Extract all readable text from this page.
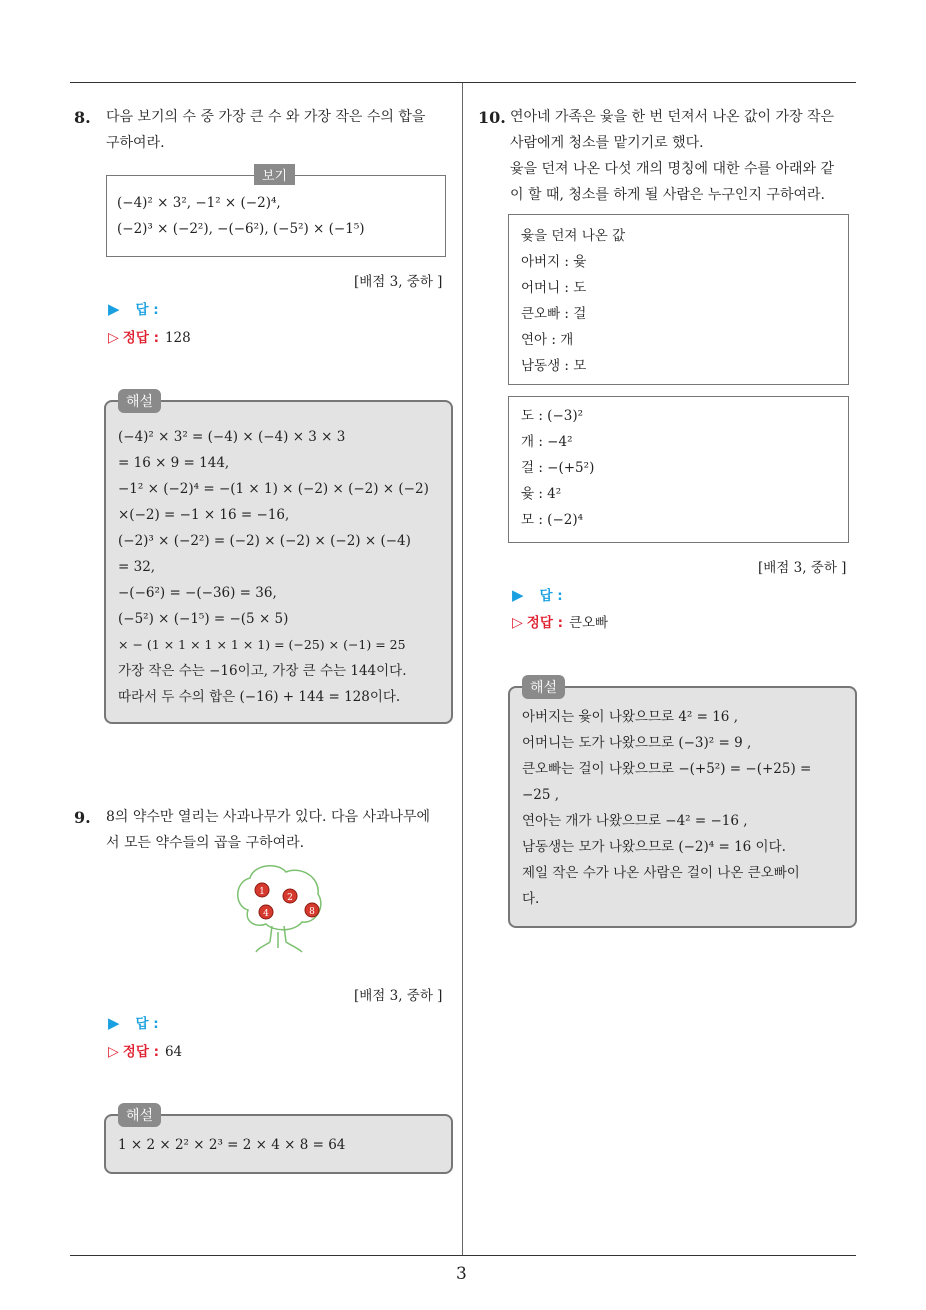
8. 다음 보기의 수 중 가장 큰 수 와 가장 작은 수의 합을
구하여라.
(−4)² × 3², −1² × (−2)⁴,
(−2)³ × (−2²), −(−6²), (−5²) × (−1⁵)
보기
[배점 3, 중하 ]
▶ 답 :
▷ 정답 : 128
(−4)² × 3² = (−4) × (−4) × 3 × 3
= 16 × 9 = 144,
−1² × (−2)⁴ = −(1 × 1) × (−2) × (−2) × (−2)
×(−2) = −1 × 16 = −16,
(−2)³ × (−2²) = (−2) × (−2) × (−2) × (−4)
= 32,
−(−6²) = −(−36) = 36,
(−5²) × (−1⁵) = −(5 × 5)
× − (1 × 1 × 1 × 1 × 1) = (−25) × (−1) = 25
가장 작은 수는 −16이고, 가장 큰 수는 144이다.
따라서 두 수의 합은 (−16) + 144 = 128이다.
해설
9. 8의 약수만 열리는 사과나무가 있다. 다음 사과나무에
서 모든 약수들의 곱을 구하여라.
1
2
4	8
[배점 3, 중하 ]
▶ 답 :
▷ 정답 : 64
1 × 2 × 2² × 2³ = 2 × 4 × 8 = 64
해설
10. 연아네 가족은 윷을 한 번 던져서 나온 값이 가장 작은
사람에게 청소를 맡기기로 했다.
윷을 던져 나온 다섯 개의 명칭에 대한 수를 아래와 같
이 할 때, 청소를 하게 될 사람은 누구인지 구하여라.
윷을 던져 나온 값
아버지 : 윷
어머니 : 도
큰오빠 : 걸
연아 : 개
남동생 : 모
도 : (−3)²
개 : −4²
걸 : −(+5²)
윷 : 4²
모 : (−2)⁴
[배점 3, 중하 ]
▶ 답 :
▷ 정답 : 큰오빠
아버지는 윷이 나왔으므로 4² = 16 ,
어머니는 도가 나왔으므로 (−3)² = 9 ,
큰오빠는 걸이 나왔으므로 −(+5²) = −(+25) =
−25 ,
연아는 개가 나왔으므로 −4² = −16 ,
남동생는 모가 나왔으므로 (−2)⁴ = 16 이다.
제일 작은 수가 나온 사람은 걸이 나온 큰오빠이
다.
해설
3
